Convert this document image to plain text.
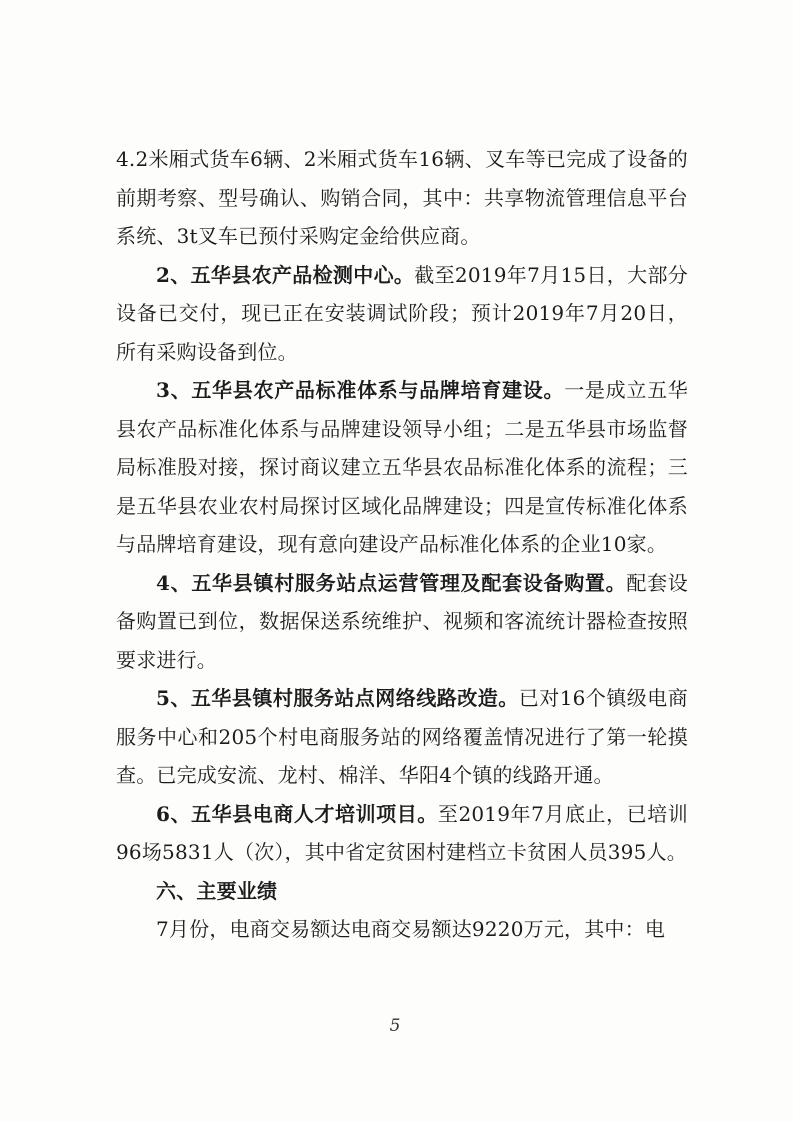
4.2米厢式货车6辆、2米厢式货车16辆、叉车等已完成了设备的前期考察、型号确认、购销合同，其中：共享物流管理信息平台系统、3t叉车已预付采购定金给供应商。

2、五华县农产品检测中心。截至2019年7月15日，大部分设备已交付，现已正在安装调试阶段；预计2019年7月20日，所有采购设备到位。

3、五华县农产品标准体系与品牌培育建设。一是成立五华县农产品标准化体系与品牌建设领导小组；二是五华县市场监督局标准股对接，探讨商议建立五华县农品标准化体系的流程；三是五华县农业农村局探讨区域化品牌建设；四是宣传标准化体系与品牌培育建设，现有意向建设产品标准化体系的企业10家。

4、五华县镇村服务站点运营管理及配套设备购置。配套设备购置已到位，数据保送系统维护、视频和客流统计器检查按照要求进行。

5、五华县镇村服务站点网络线路改造。已对16个镇级电商服务中心和205个村电商服务站的网络覆盖情况进行了第一轮摸查。已完成安流、龙村、棉洋、华阳4个镇的线路开通。

6、五华县电商人才培训项目。至2019年7月底止，已培训96场5831人（次），其中省定贫困村建档立卡贫困人员395人。

六、主要业绩

7月份，电商交易额达电商交易额达9220万元，其中：电

5
